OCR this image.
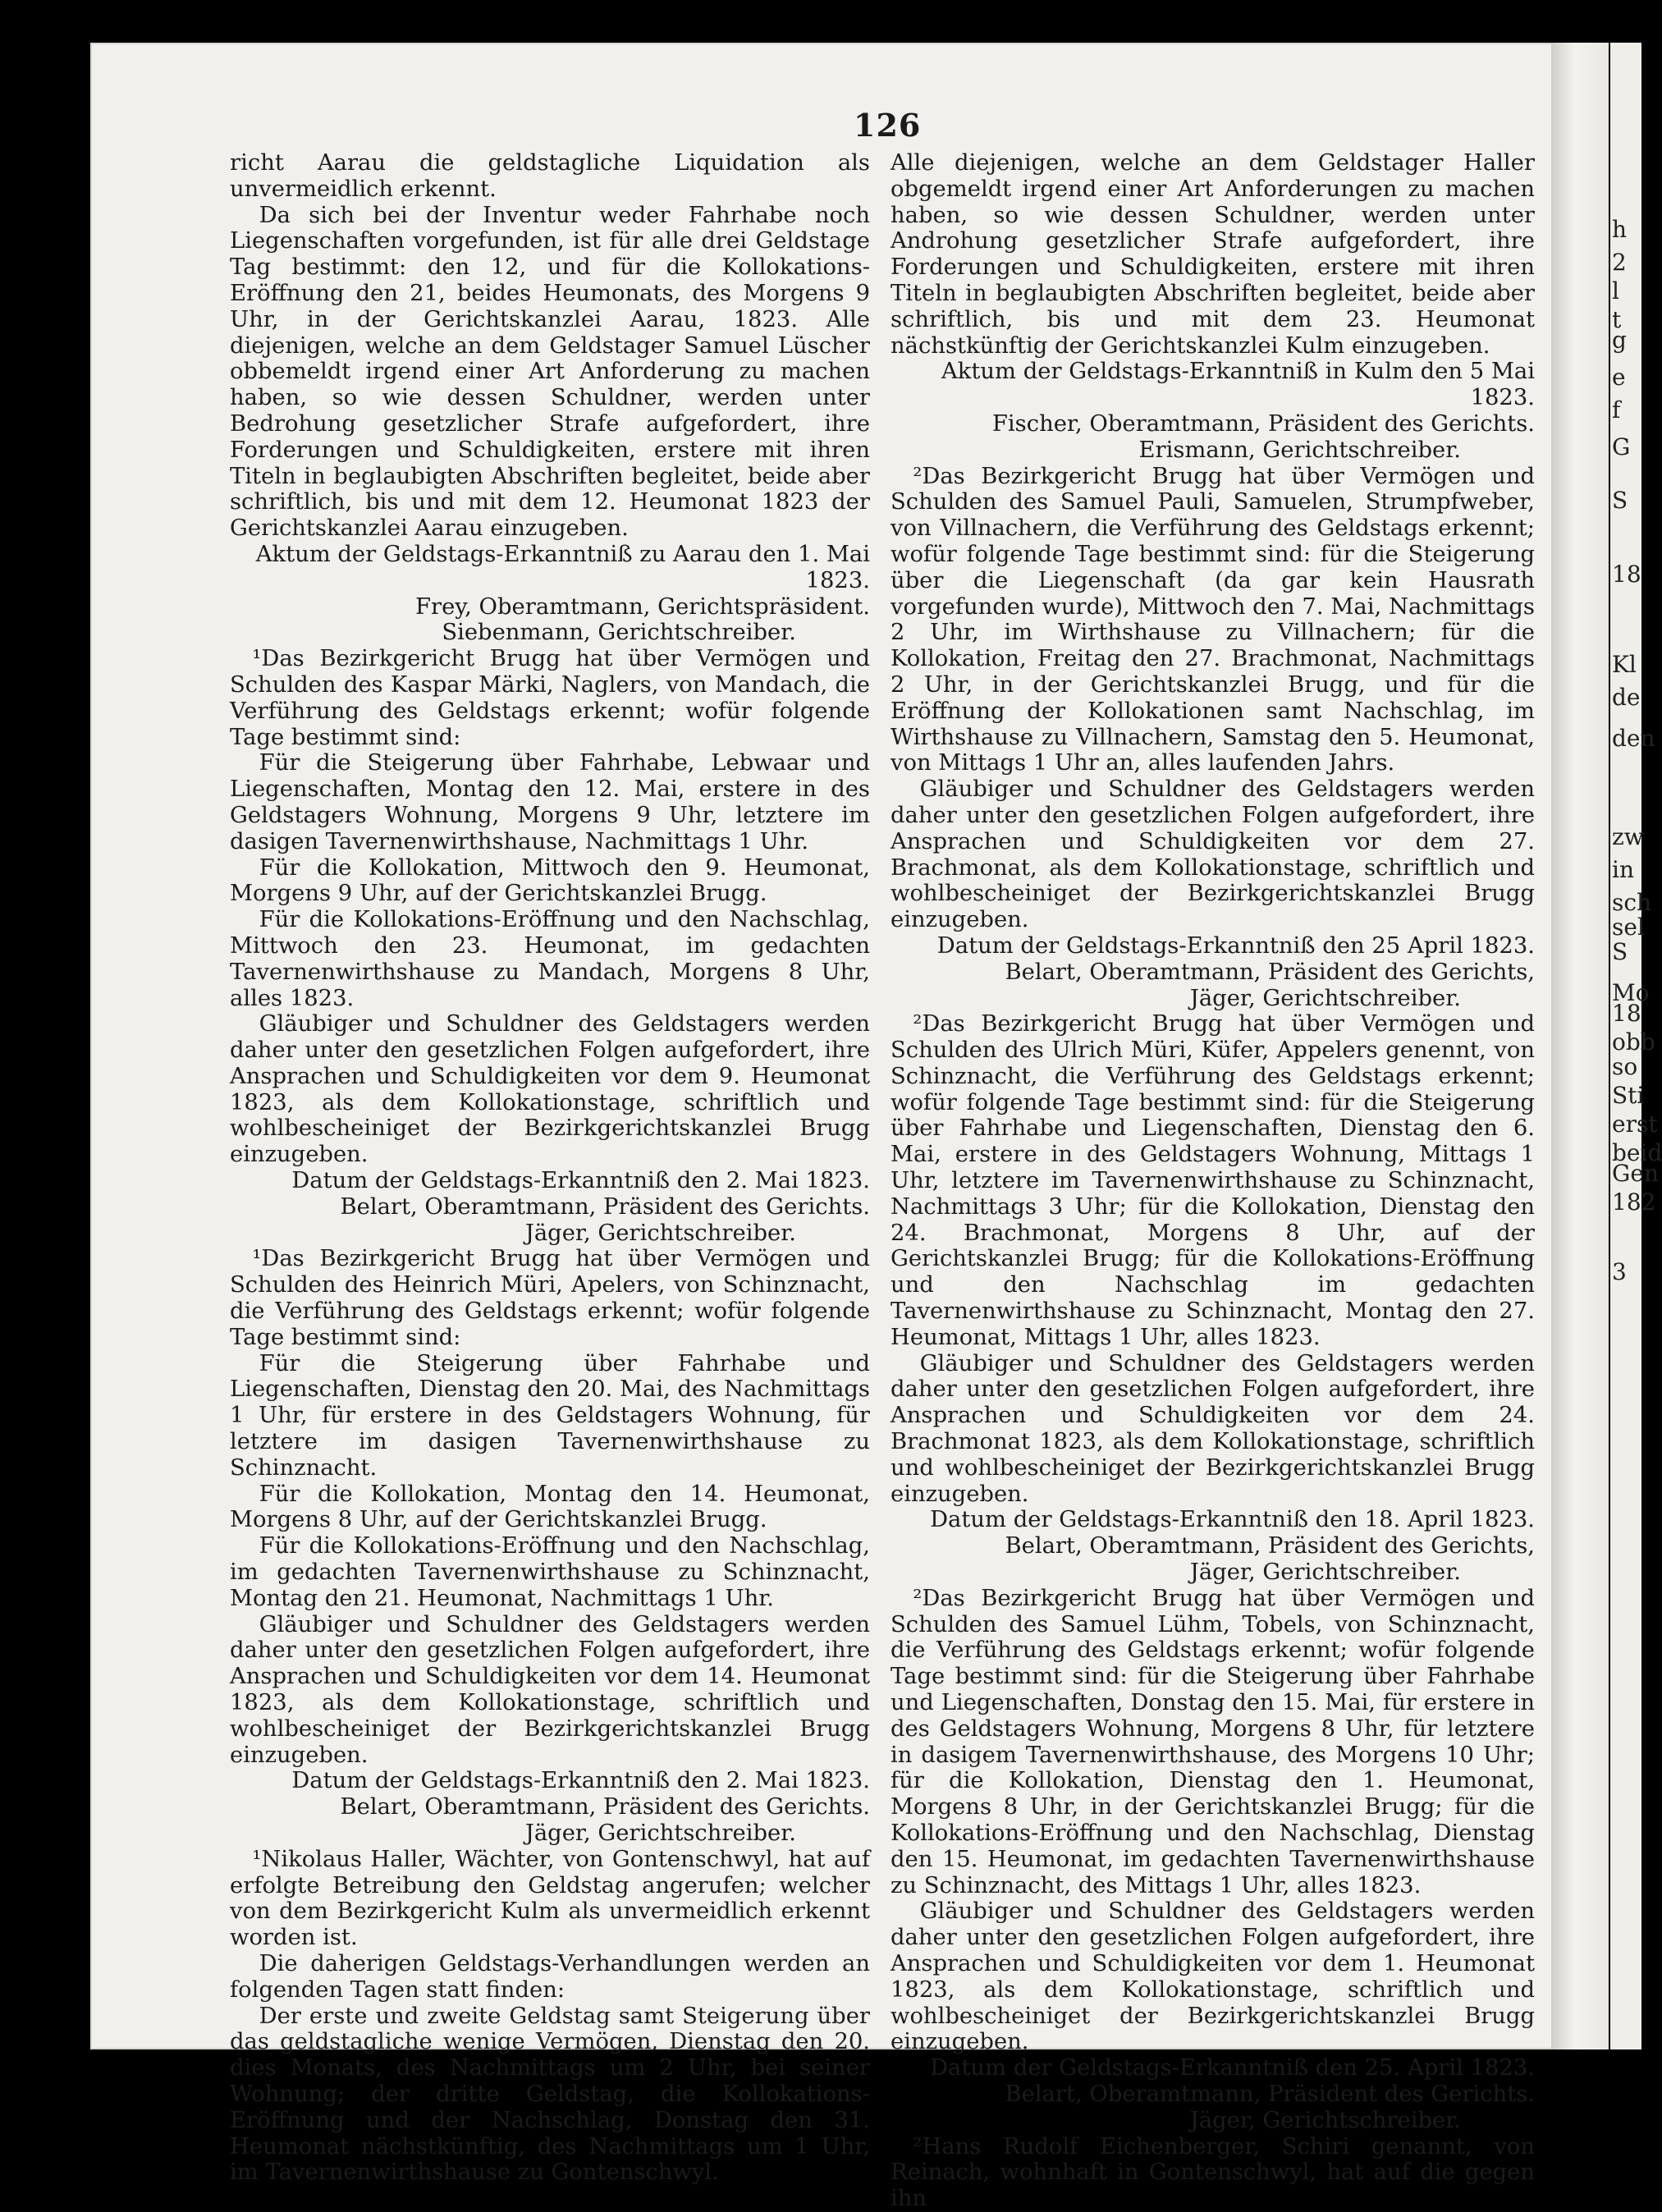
h
2
l
t
g
e
f
G
S
18
Kl
de
den
zw
in
sch
sel
S
Mo
18
obb
so
Sti
erst
beid
Gen
182
3
126

richt Aarau die geldstagliche Liquidation als unvermeidlich erkennt.

Da sich bei der Inventur weder Fahrhabe noch Liegenschaften vorgefunden, ist für alle drei Geldstage Tag bestimmt: den 12, und für die Kollokations-Eröffnung den 21, beides Heumonats, des Morgens 9 Uhr, in der Gerichtskanzlei Aarau, 1823. Alle diejenigen, welche an dem Geldstager Samuel Lüscher obbemeldt irgend einer Art Anforderung zu machen haben, so wie dessen Schuldner, werden unter Bedrohung gesetzlicher Strafe aufgefordert, ihre Forderungen und Schuldigkeiten, erstere mit ihren Titeln in beglaubigten Abschriften begleitet, beide aber schriftlich, bis und mit dem 12. Heumonat 1823 der Gerichtskanzlei Aarau einzugeben.

Aktum der Geldstags-Erkanntniß zu Aarau den 1. Mai 1823.

Frey, Oberamtmann, Gerichtspräsident.

Siebenmann, Gerichtschreiber.

¹Das Bezirkgericht Brugg hat über Vermögen und Schulden des Kaspar Märki, Naglers, von Mandach, die Verführung des Geldstags erkennt; wofür folgende Tage bestimmt sind:

Für die Steigerung über Fahrhabe, Lebwaar und Liegenschaften, Montag den 12. Mai, erstere in des Geldstagers Wohnung, Morgens 9 Uhr, letztere im dasigen Tavernenwirthshause, Nachmittags 1 Uhr.

Für die Kollokation, Mittwoch den 9. Heumonat, Morgens 9 Uhr, auf der Gerichtskanzlei Brugg.

Für die Kollokations-Eröffnung und den Nachschlag, Mittwoch den 23. Heumonat, im gedachten Tavernenwirthshause zu Mandach, Morgens 8 Uhr, alles 1823.

Gläubiger und Schuldner des Geldstagers werden daher unter den gesetzlichen Folgen aufgefordert, ihre Ansprachen und Schuldigkeiten vor dem 9. Heumonat 1823, als dem Kollokationstage, schriftlich und wohlbescheiniget der Bezirkgerichtskanzlei Brugg einzugeben.

Datum der Geldstags-Erkanntniß den 2. Mai 1823.

Belart, Oberamtmann, Präsident des Gerichts.

Jäger, Gerichtschreiber.

¹Das Bezirkgericht Brugg hat über Vermögen und Schulden des Heinrich Müri, Apelers, von Schinznacht, die Verführung des Geldstags erkennt; wofür folgende Tage bestimmt sind:

Für die Steigerung über Fahrhabe und Liegenschaften, Dienstag den 20. Mai, des Nachmittags 1 Uhr, für erstere in des Geldstagers Wohnung, für letztere im dasigen Tavernenwirthshause zu Schinznacht.

Für die Kollokation, Montag den 14. Heumonat, Morgens 8 Uhr, auf der Gerichtskanzlei Brugg.

Für die Kollokations-Eröffnung und den Nachschlag, im gedachten Tavernenwirthshause zu Schinznacht, Montag den 21. Heumonat, Nachmittags 1 Uhr.

Gläubiger und Schuldner des Geldstagers werden daher unter den gesetzlichen Folgen aufgefordert, ihre Ansprachen und Schuldigkeiten vor dem 14. Heumonat 1823, als dem Kollokationstage, schriftlich und wohlbescheiniget der Bezirkgerichtskanzlei Brugg einzugeben.

Datum der Geldstags-Erkanntniß den 2. Mai 1823.

Belart, Oberamtmann, Präsident des Gerichts.

Jäger, Gerichtschreiber.

¹Nikolaus Haller, Wächter, von Gontenschwyl, hat auf erfolgte Betreibung den Geldstag angerufen; welcher von dem Bezirkgericht Kulm als unvermeidlich erkennt worden ist.

Die daherigen Geldstags-Verhandlungen werden an folgenden Tagen statt finden:

Der erste und zweite Geldstag samt Steigerung über das geldstagliche wenige Vermögen, Dienstag den 20. dies Monats, des Nachmittags um 2 Uhr, bei seiner Wohnung; der dritte Geldstag, die Kollokations-Eröffnung und der Nachschlag, Donstag den 31. Heumonat nächstkünftig, des Nachmittags um 1 Uhr, im Tavernenwirthshause zu Gontenschwyl.

Alle diejenigen, welche an dem Geldstager Haller obgemeldt irgend einer Art Anforderungen zu machen haben, so wie dessen Schuldner, werden unter Androhung gesetzlicher Strafe aufgefordert, ihre Forderungen und Schuldigkeiten, erstere mit ihren Titeln in beglaubigten Abschriften begleitet, beide aber schriftlich, bis und mit dem 23. Heumonat nächstkünftig der Gerichtskanzlei Kulm einzugeben.

Aktum der Geldstags-Erkanntniß in Kulm den 5 Mai 1823.

Fischer, Oberamtmann, Präsident des Gerichts.

Erismann, Gerichtschreiber.

²Das Bezirkgericht Brugg hat über Vermögen und Schulden des Samuel Pauli, Samuelen, Strumpfweber, von Villnachern, die Verführung des Geldstags erkennt; wofür folgende Tage bestimmt sind: für die Steigerung über die Liegenschaft (da gar kein Hausrath vorgefunden wurde), Mittwoch den 7. Mai, Nachmittags 2 Uhr, im Wirthshause zu Villnachern; für die Kollokation, Freitag den 27. Brachmonat, Nachmittags 2 Uhr, in der Gerichtskanzlei Brugg, und für die Eröffnung der Kollokationen samt Nachschlag, im Wirthshause zu Villnachern, Samstag den 5. Heumonat, von Mittags 1 Uhr an, alles laufenden Jahrs.

Gläubiger und Schuldner des Geldstagers werden daher unter den gesetzlichen Folgen aufgefordert, ihre Ansprachen und Schuldigkeiten vor dem 27. Brachmonat, als dem Kollokationstage, schriftlich und wohlbescheiniget der Bezirkgerichtskanzlei Brugg einzugeben.

Datum der Geldstags-Erkanntniß den 25 April 1823.

Belart, Oberamtmann, Präsident des Gerichts,

Jäger, Gerichtschreiber.

²Das Bezirkgericht Brugg hat über Vermögen und Schulden des Ulrich Müri, Küfer, Appelers genennt, von Schinznacht, die Verführung des Geldstags erkennt; wofür folgende Tage bestimmt sind: für die Steigerung über Fahrhabe und Liegenschaften, Dienstag den 6. Mai, erstere in des Geldstagers Wohnung, Mittags 1 Uhr, letztere im Tavernenwirthshause zu Schinznacht, Nachmittags 3 Uhr; für die Kollokation, Dienstag den 24. Brachmonat, Morgens 8 Uhr, auf der Gerichtskanzlei Brugg; für die Kollokations-Eröffnung und den Nachschlag im gedachten Tavernenwirthshause zu Schinznacht, Montag den 27. Heumonat, Mittags 1 Uhr, alles 1823.

Gläubiger und Schuldner des Geldstagers werden daher unter den gesetzlichen Folgen aufgefordert, ihre Ansprachen und Schuldigkeiten vor dem 24. Brachmonat 1823, als dem Kollokationstage, schriftlich und wohlbescheiniget der Bezirkgerichtskanzlei Brugg einzugeben.

Datum der Geldstags-Erkanntniß den 18. April 1823.

Belart, Oberamtmann, Präsident des Gerichts,

Jäger, Gerichtschreiber.

²Das Bezirkgericht Brugg hat über Vermögen und Schulden des Samuel Lühm, Tobels, von Schinznacht, die Verführung des Geldstags erkennt; wofür folgende Tage bestimmt sind: für die Steigerung über Fahrhabe und Liegenschaften, Donstag den 15. Mai, für erstere in des Geldstagers Wohnung, Morgens 8 Uhr, für letztere in dasigem Tavernenwirthshause, des Morgens 10 Uhr; für die Kollokation, Dienstag den 1. Heumonat, Morgens 8 Uhr, in der Gerichtskanzlei Brugg; für die Kollokations-Eröffnung und den Nachschlag, Dienstag den 15. Heumonat, im gedachten Tavernenwirthshause zu Schinznacht, des Mittags 1 Uhr, alles 1823.

Gläubiger und Schuldner des Geldstagers werden daher unter den gesetzlichen Folgen aufgefordert, ihre Ansprachen und Schuldigkeiten vor dem 1. Heumonat 1823, als dem Kollokationstage, schriftlich und wohlbescheiniget der Bezirkgerichtskanzlei Brugg einzugeben.

Datum der Geldstags-Erkanntniß den 25. April 1823.

Belart, Oberamtmann, Präsident des Gerichts.

Jäger, Gerichtschreiber.

²Hans Rudolf Eichenberger, Schiri genannt, von Reinach, wohnhaft in Gontenschwyl, hat auf die gegen ihn
